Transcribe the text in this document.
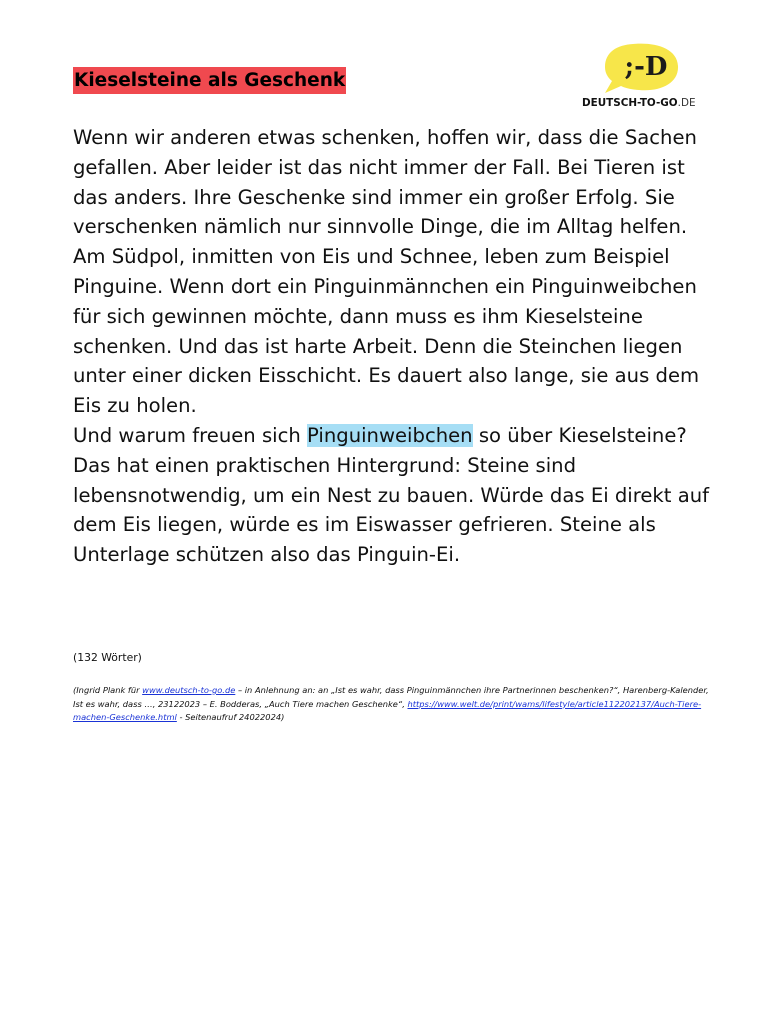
Kieselsteine als Geschenk	;-D
DEUTSCH-TO-GO.DE

Wenn wir anderen etwas schenken, hoffen wir, dass die Sachen gefallen. Aber leider ist das nicht immer der Fall. Bei Tieren ist das anders. Ihre Geschenke sind immer ein großer Erfolg. Sie verschenken nämlich nur sinnvolle Dinge, die im Alltag helfen.

Am Südpol, inmitten von Eis und Schnee, leben zum Beispiel Pinguine. Wenn dort ein Pinguinmännchen ein Pinguinweibchen für sich gewinnen möchte, dann muss es ihm Kieselsteine schenken. Und das ist harte Arbeit. Denn die Steinchen liegen unter einer dicken Eisschicht. Es dauert also lange, sie aus dem Eis zu holen.

Und warum freuen sich Pinguinweibchen so über Kieselsteine? Das hat einen praktischen Hintergrund: Steine sind lebensnotwendig, um ein Nest zu bauen. Würde das Ei direkt auf dem Eis liegen, würde es im Eiswasser gefrieren. Steine als Unterlage schützen also das Pinguin-Ei.

(132 Wörter)

(Ingrid Plank für www.deutsch-to-go.de – in Anlehnung an: an „Ist es wahr, dass Pinguinmännchen ihre Partnerinnen beschenken?“, Harenberg-Kalender, Ist es wahr, dass …, 23122023 – E. Bodderas, „Auch Tiere machen Geschenke“, https://www.welt.de/print/wams/lifestyle/article112202137/Auch-Tiere-machen-Geschenke.html - Seitenaufruf 24022024)
